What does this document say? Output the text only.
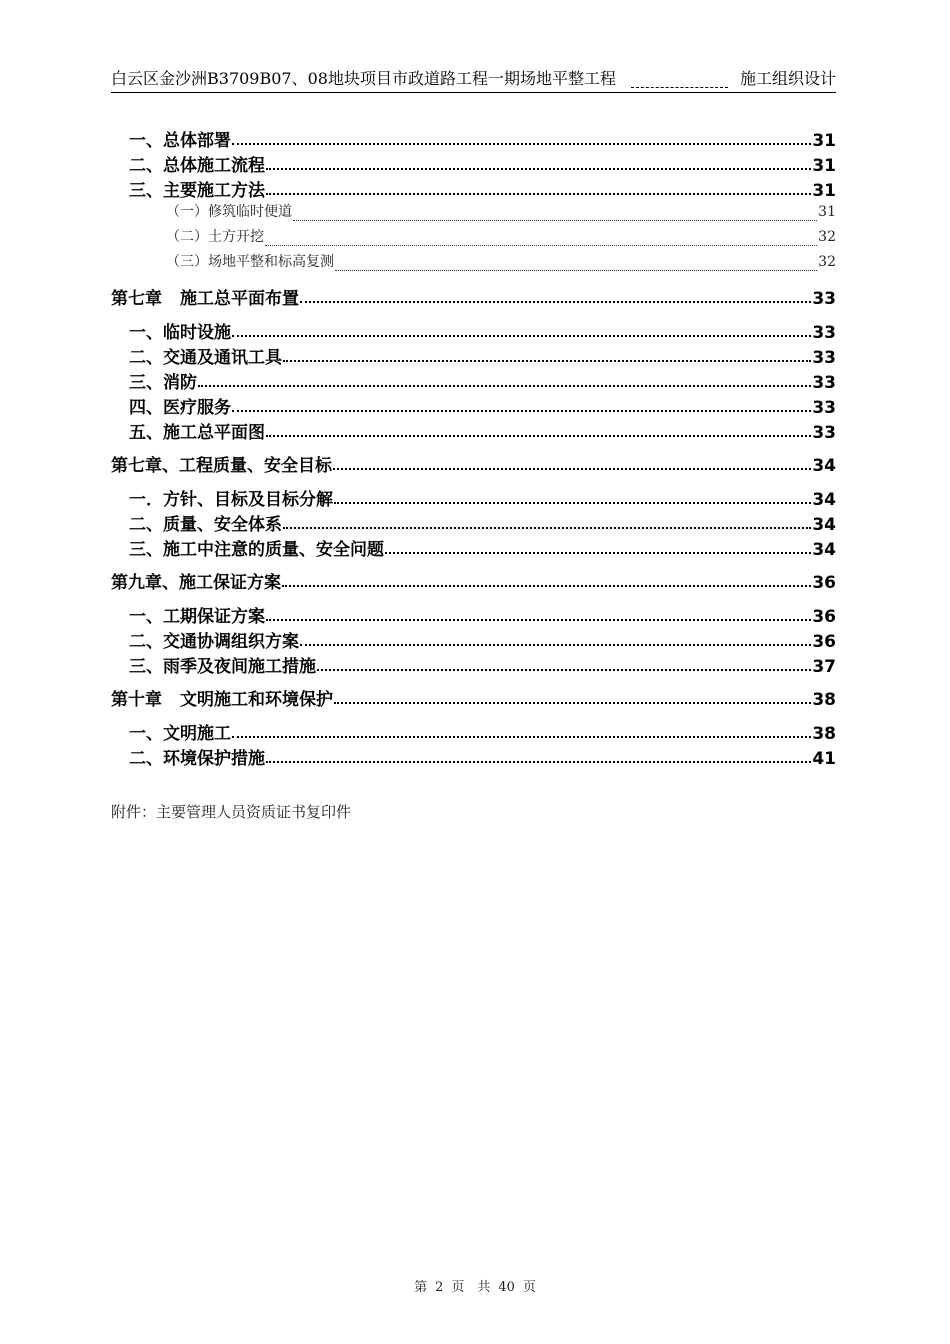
白云区金沙洲B3709B07、08地块项目市政道路工程一期场地平整工程	施工组织设计
一、总体部署	31
二、总体施工流程	31
三、主要施工方法	31
（一）修筑临时便道	31
（二）土方开挖	32
（三）场地平整和标高复测	32
第七章 施工总平面布置	33
一、临时设施	33
二、交通及通讯工具	33
三、消防	33
四、医疗服务	33
五、施工总平面图	33
第七章、工程质量、安全目标	34
一．方针、目标及目标分解	34
二、质量、安全体系	34
三、施工中注意的质量、安全问题	34
第九章、施工保证方案	36
一、工期保证方案	36
二、交通协调组织方案	36
三、雨季及夜间施工措施	37
第十章 文明施工和环境保护	38
一、文明施工	38
二、环境保护措施	41
附件：主要管理人员资质证书复印件
第 2 页　共 40 页
